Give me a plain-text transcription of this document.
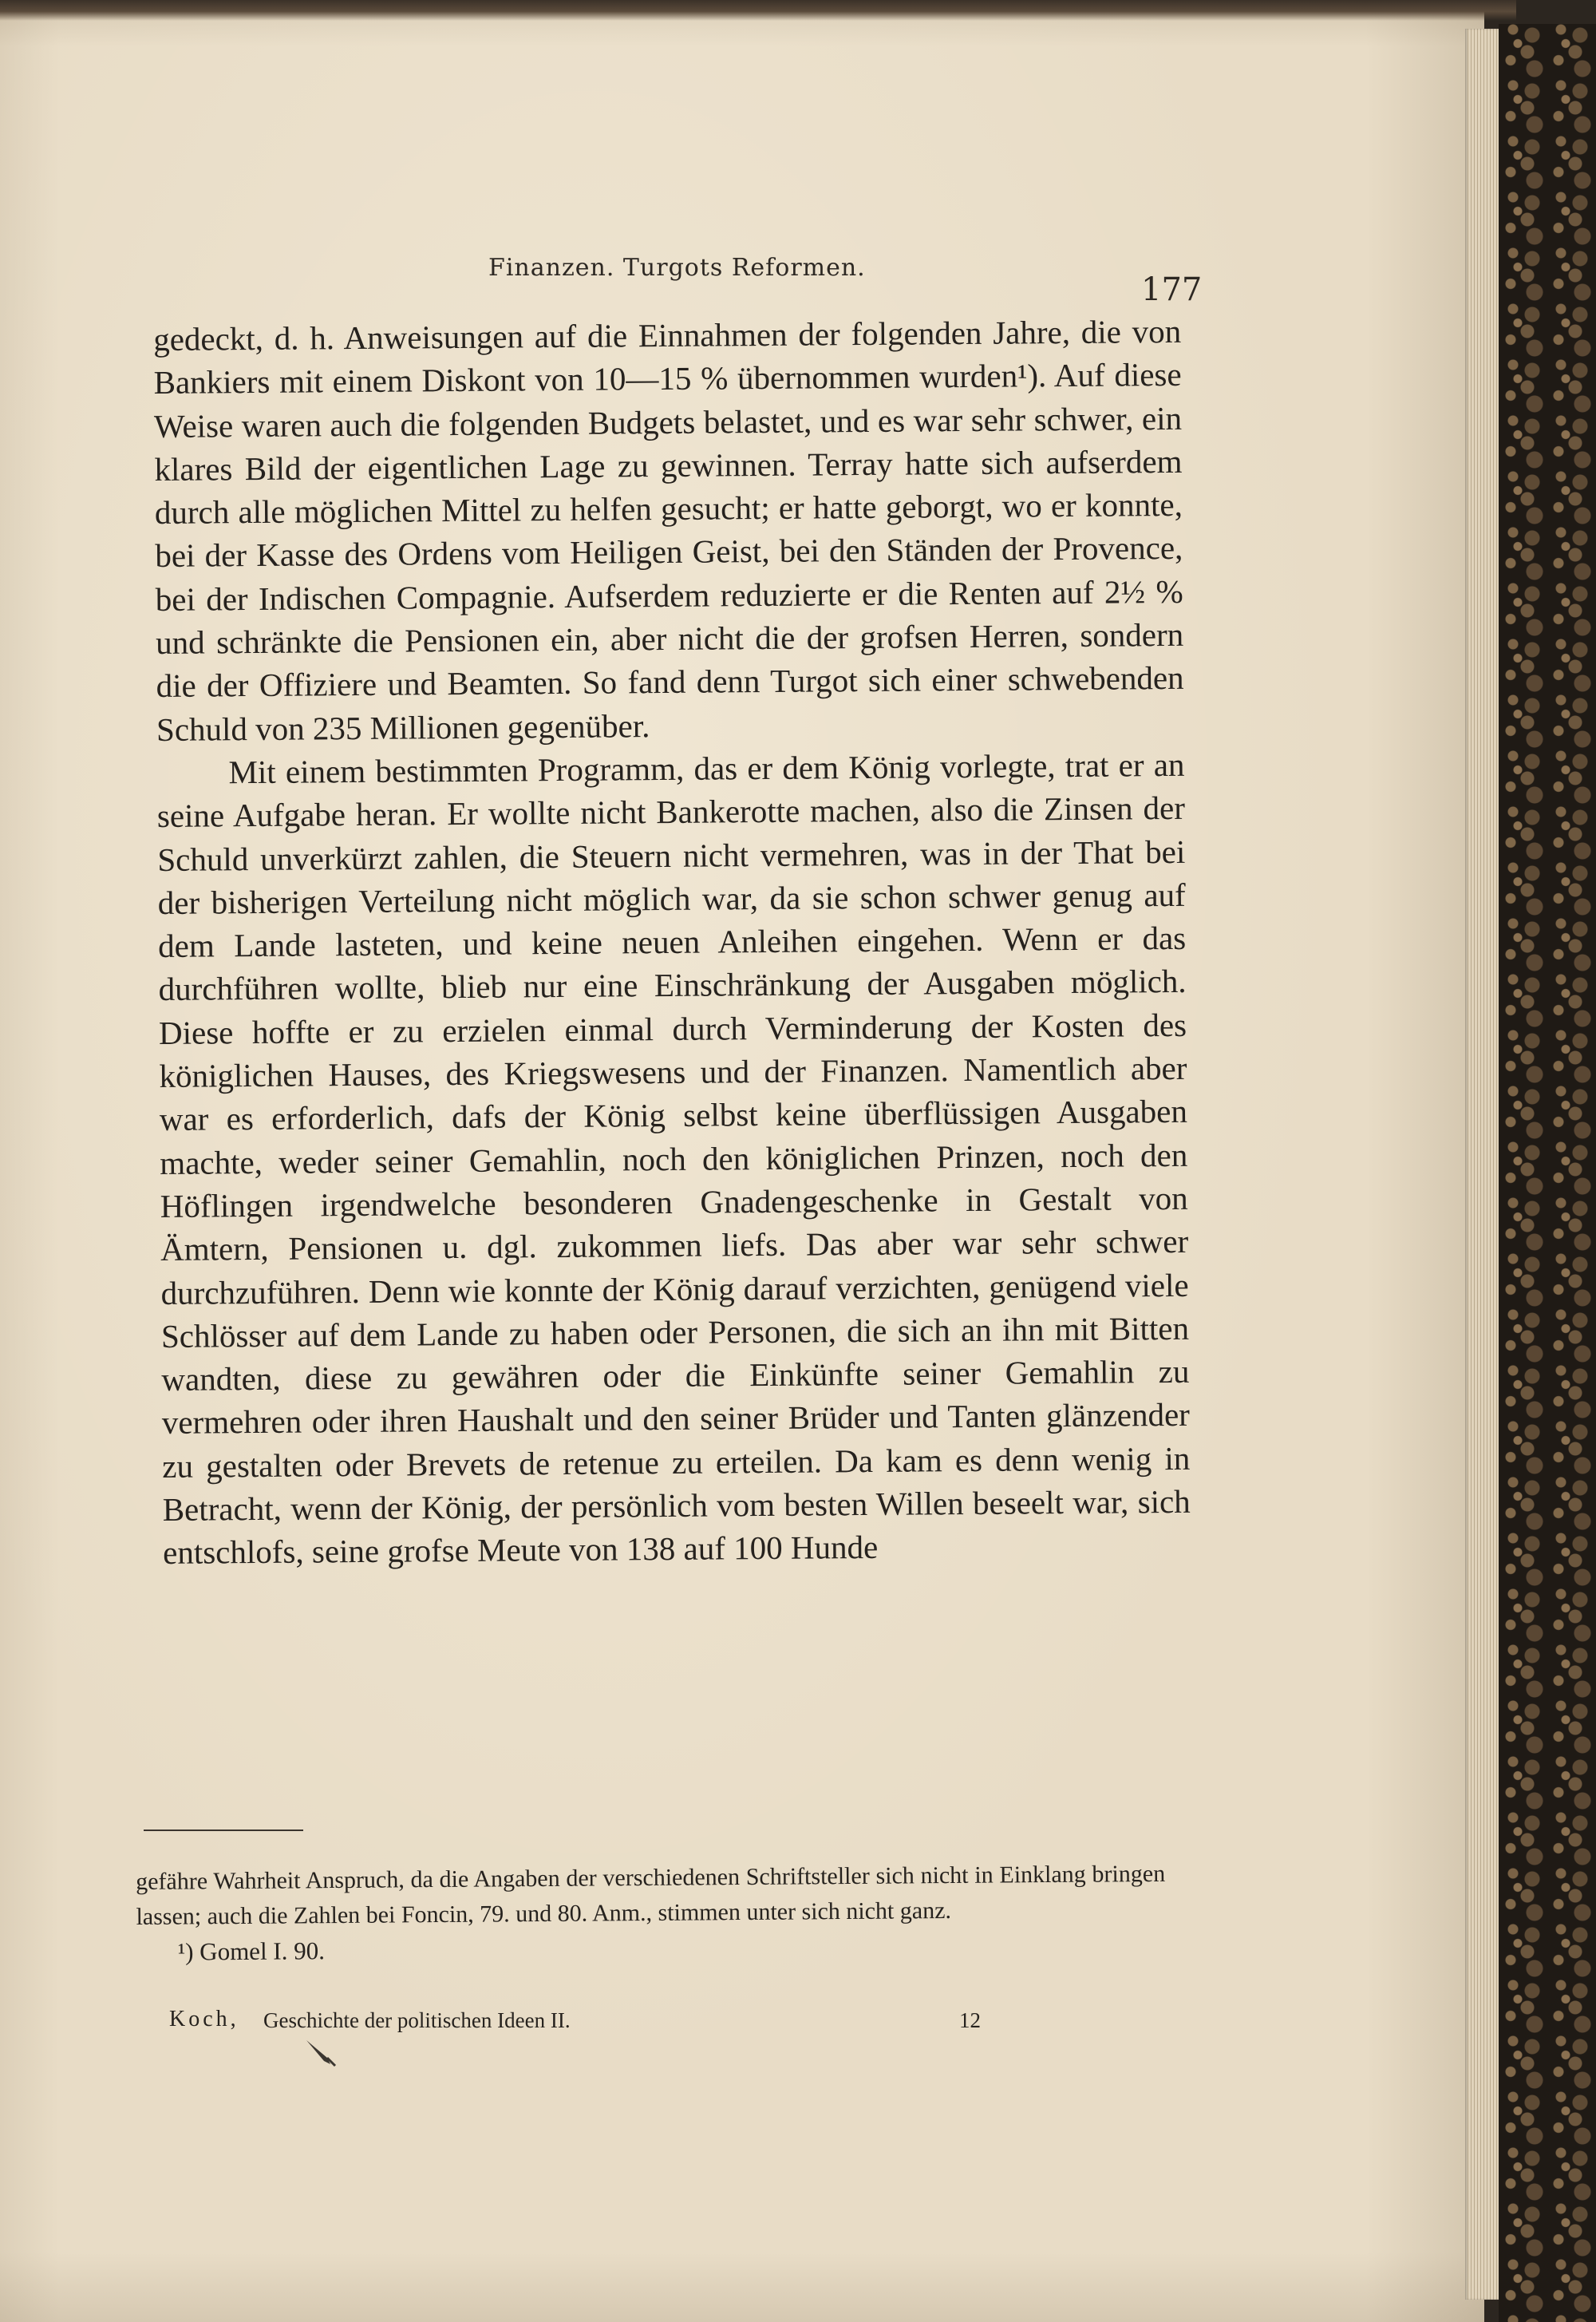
Finanzen. Turgots Reformen.
177

gedeckt, d. h. Anweisungen auf die Einnahmen der folgenden Jahre, die von Bankiers mit einem Diskont von 10—15 % übernommen wurden¹). Auf diese Weise waren auch die folgenden Budgets belastet, und es war sehr schwer, ein klares Bild der eigentlichen Lage zu gewinnen. Terray hatte sich aufserdem durch alle möglichen Mittel zu helfen gesucht; er hatte geborgt, wo er konnte, bei der Kasse des Ordens vom Heiligen Geist, bei den Ständen der Provence, bei der Indischen Compagnie. Aufserdem reduzierte er die Renten auf 2½ % und schränkte die Pensionen ein, aber nicht die der grofsen Herren, sondern die der Offiziere und Beamten. So fand denn Turgot sich einer schwebenden Schuld von 235 Millionen gegenüber.

Mit einem bestimmten Programm, das er dem König vorlegte, trat er an seine Aufgabe heran. Er wollte nicht Bankerotte machen, also die Zinsen der Schuld unverkürzt zahlen, die Steuern nicht vermehren, was in der That bei der bisherigen Verteilung nicht möglich war, da sie schon schwer genug auf dem Lande lasteten, und keine neuen Anleihen eingehen. Wenn er das durchführen wollte, blieb nur eine Einschränkung der Ausgaben möglich. Diese hoffte er zu erzielen einmal durch Verminderung der Kosten des königlichen Hauses, des Kriegswesens und der Finanzen. Namentlich aber war es erforderlich, dafs der König selbst keine überflüssigen Ausgaben machte, weder seiner Gemahlin, noch den königlichen Prinzen, noch den Höflingen irgendwelche besonderen Gnadengeschenke in Gestalt von Ämtern, Pensionen u. dgl. zukommen liefs. Das aber war sehr schwer durchzuführen. Denn wie konnte der König darauf verzichten, genügend viele Schlösser auf dem Lande zu haben oder Personen, die sich an ihn mit Bitten wandten, diese zu gewähren oder die Einkünfte seiner Gemahlin zu vermehren oder ihren Haushalt und den seiner Brüder und Tanten glänzender zu gestalten oder Brevets de retenue zu erteilen. Da kam es denn wenig in Betracht, wenn der König, der persönlich vom besten Willen beseelt war, sich entschlofs, seine grofse Meute von 138 auf 100 Hunde

gefähre Wahrheit Anspruch, da die Angaben der verschiedenen Schriftsteller sich nicht in Einklang bringen lassen; auch die Zahlen bei Foncin, 79. und 80. Anm., stimmen unter sich nicht ganz.

¹) Gomel I. 90.

Koch, Geschichte der politischen Ideen II.	12
